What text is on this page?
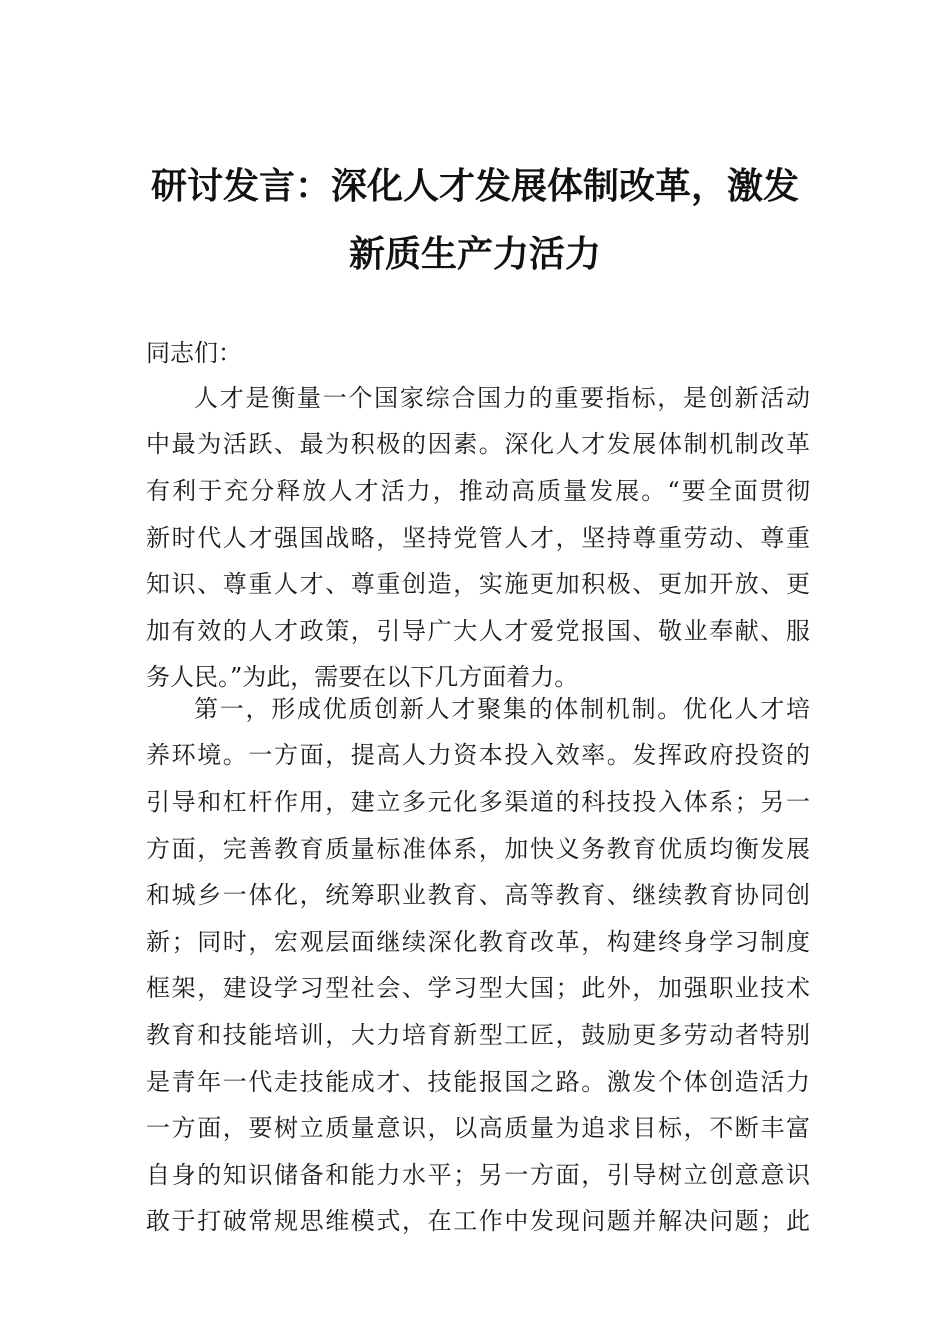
研讨发言：深化人才发展体制改革，激发
新质生产力活力
同志们：
人才是衡量一个国家综合国力的重要指标，是创新活动
中最为活跃、最为积极的因素。深化人才发展体制机制改革
有利于充分释放人才活力，推动高质量发展。“要全面贯彻
新时代人才强国战略，坚持党管人才，坚持尊重劳动、尊重
知识、尊重人才、尊重创造，实施更加积极、更加开放、更
加有效的人才政策，引导广大人才爱党报国、敬业奉献、服
务人民。”为此，需要在以下几方面着力。
第一，形成优质创新人才聚集的体制机制。优化人才培
养环境。一方面，提高人力资本投入效率。发挥政府投资的
引导和杠杆作用，建立多元化多渠道的科技投入体系；另一
方面，完善教育质量标准体系，加快义务教育优质均衡发展
和城乡一体化，统筹职业教育、高等教育、继续教育协同创
新；同时，宏观层面继续深化教育改革，构建终身学习制度
框架，建设学习型社会、学习型大国；此外，加强职业技术
教育和技能培训，大力培育新型工匠，鼓励更多劳动者特别
是青年一代走技能成才、技能报国之路。激发个体创造活力
一方面，要树立质量意识，以高质量为追求目标，不断丰富
自身的知识储备和能力水平；另一方面，引导树立创意意识
敢于打破常规思维模式，在工作中发现问题并解决问题；此
